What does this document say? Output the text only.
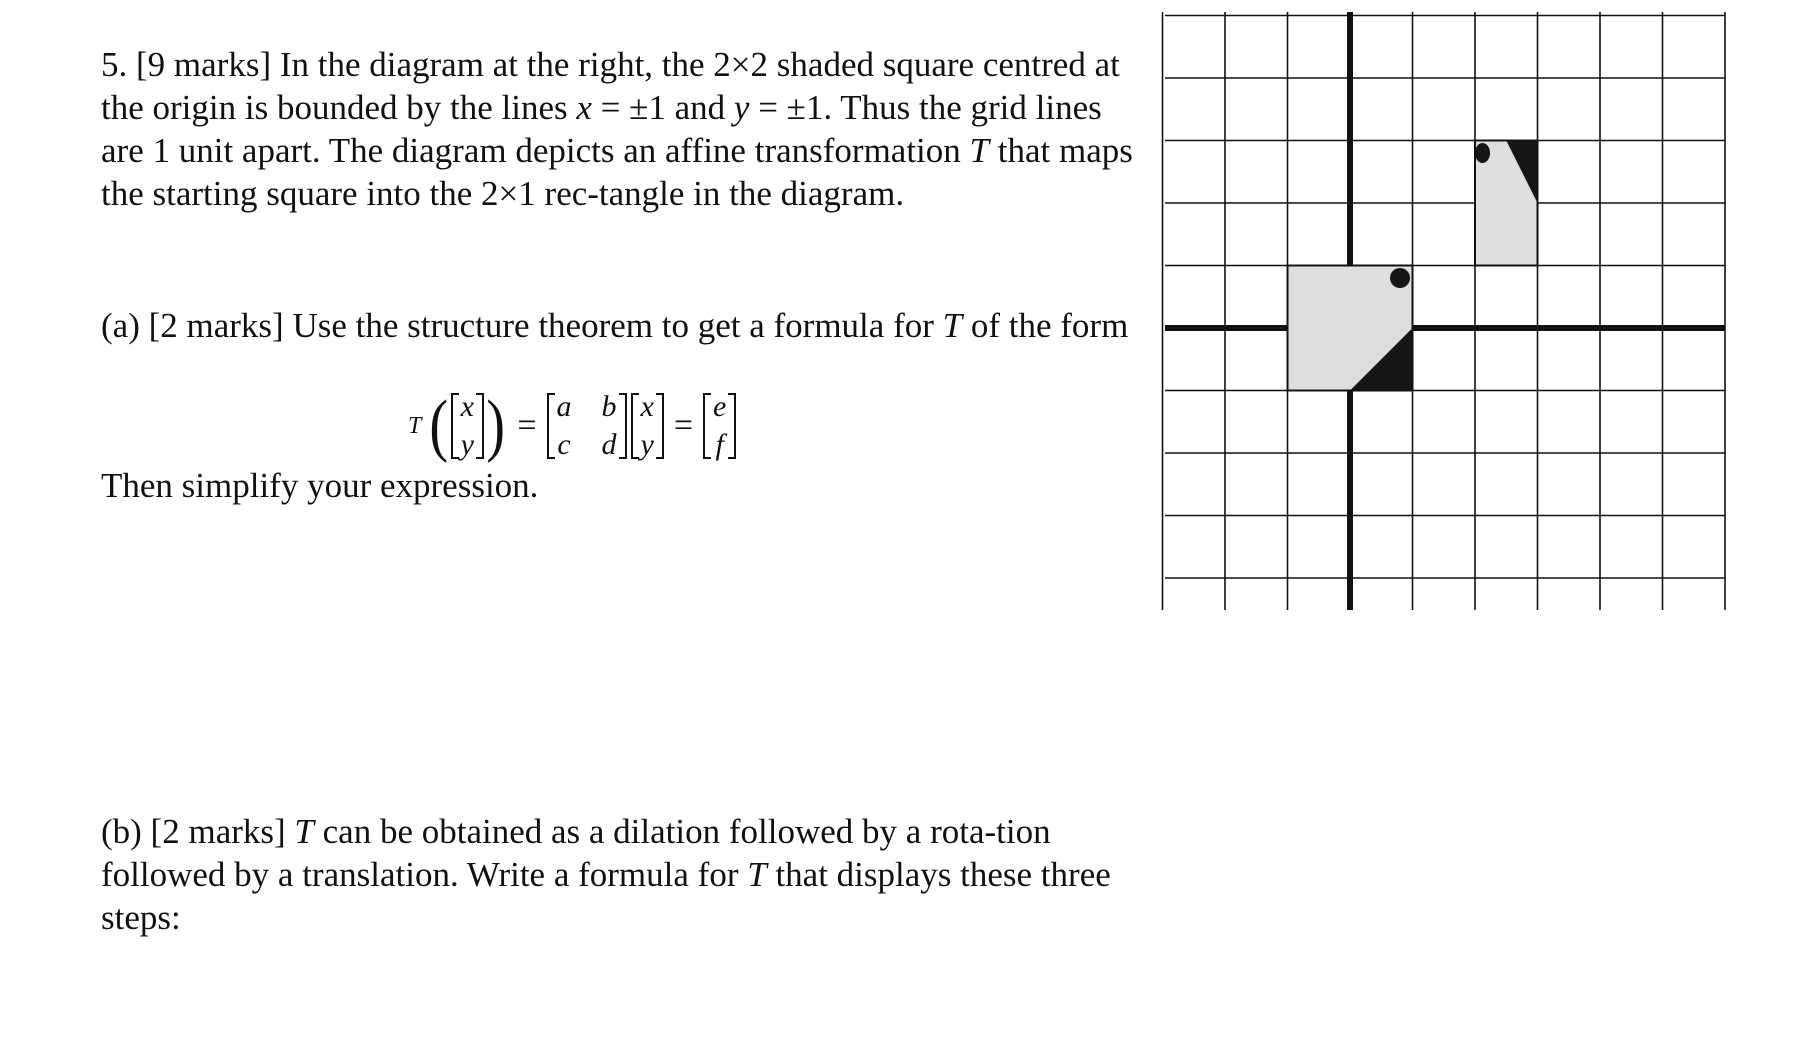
5. [9 marks] In the diagram at the right, the 2×2 shaded square centred at the origin is bounded by the lines x = ±1 and y = ±1. Thus the grid lines are 1 unit apart. The diagram depicts an affine transformation T that maps the starting square into the 2×1 rec-tangle in the diagram.

(a) [2 marks] Use the structure theorem to get a formula for T of the form

T ( x
y ) =
a b
c d
x
y
=
e
f

Then simplify your expression.

(b) [2 marks] T can be obtained as a dilation followed by a rota-tion followed by a translation. Write a formula for T that displays these three steps:
